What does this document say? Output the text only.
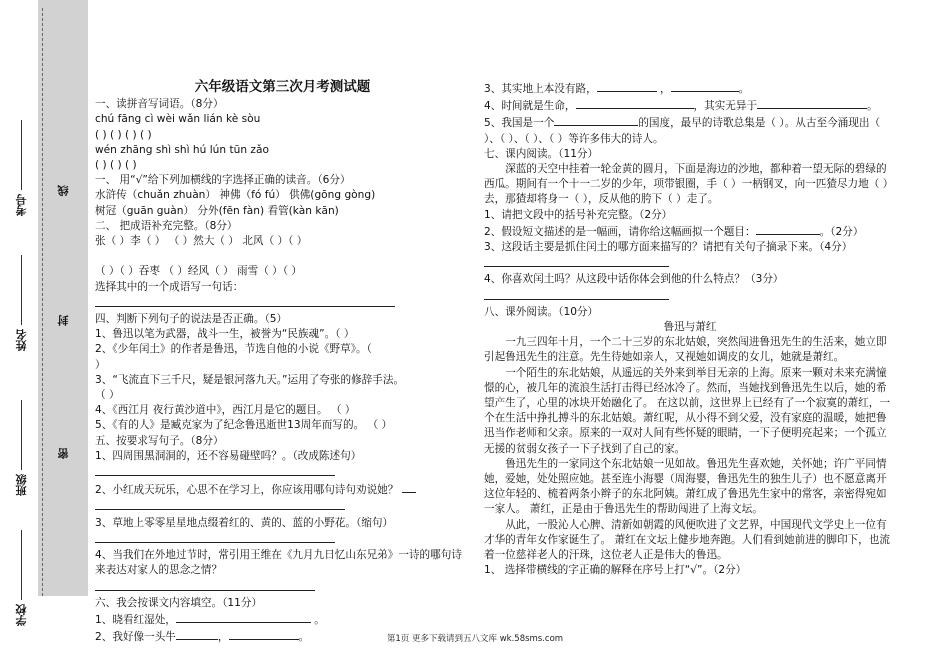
考号
姓名
班级
学校
线
封
密

六年级语文第三次月考测试题

一、读拼音写词语。（8分）

chú fāng cì wèi wǎn lián kè sòu

( ) ( ) ( ) ( )

wén zhāng shì shì hú lún tūn zǎo

( ) ( ) ( )

一、 用“√”给下列加横线的字选择正确的读音。（6分）

水浒传（chuǎn zhuàn） 神佛（fó fú） 供佛(gōng gòng)

树冠（guān guàn） 分外(fēn fàn) 看管(kàn kān)

二、 把成语补充完整。（8分）

张（ ）李（ ） （ ）然大（ ） 北风（ ）（ ）

（ ）（ ）吞枣 （ ）经风（ ） 雨雪（ ）（ ）

选择其中的一个成语写一句话：

四、判断下列句子的说法是否正确。（5）

1、鲁迅以笔为武器，战斗一生，被誉为“民族魂”。（ ）

2、《少年闰土》的作者是鲁迅，节选自他的小说《野草》。（

）

3、“飞流直下三千尺，疑是银河落九天。”运用了夸张的修辞手法。

（ ）

4、《西江月 夜行黄沙道中》，西江月是它的题目。 （ ）

5、《有的人》是臧克家为了纪念鲁迅逝世13周年而写的。 （ ）

五、按要求写句子。（8分）

1、四周围黑洞洞的，还不容易碰壁吗？。（改成陈述句）

2、小红成天玩乐，心思不在学习上，你应该用哪句诗句劝说她？

3、草地上零零星星地点缀着红的、黄的、蓝的小野花。（缩句）

4、当我们在外地过节时，常引用王维在《九月九日忆山东兄弟》一诗的哪句诗来表达对家人的思念之情？

六、我会按课文内容填空。（11分）

1、晓看红湿处，	。

2、我好像一头牛	，	。

3、其实地上本没有路，	，	。

4、时间就是生命，	，其实无异于	。

5、我国是一个	的国度，最早的诗歌总集是（ ）。从古至今涌现出（ ）、（ ）、（ ）、（ ）等许多伟大的诗人。

七、课内阅读。（11分）

深蓝的天空中挂着一轮金黄的圆月，下面是海边的沙地，都种着一望无际的碧绿的西瓜。期间有一个十一二岁的少年，项带银圈，手（ ）一柄钢叉，向一匹猹尽力地（ ）去，那猹却将身一（ ），反从他的胯下（ ）走了。

1、请把文段中的括号补充完整。（2分）

2、假设短文描述的是一幅画，请你给这幅画拟一个题目：	。（2分）

3、这段话主要是抓住闰土的哪方面来描写的？请把有关句子摘录下来。（4分）

4、你喜欢闰土吗？从这段中话你体会到他的什么特点？（3分）

八、课外阅读。（10分）

鲁迅与萧红

一九三四年十月，一个二十三岁的东北姑娘，突然闯进鲁迅先生的生活来，她立即引起鲁迅先生的注意。先生待她如亲人，又视她如调皮的女儿，她就是萧红。

一个陌生的东北姑娘，从遥远的关外来到举目无亲的上海。原来一颗对未来充满憧憬的心，被几年的流浪生活打击得已经冰冷了。然而，当她找到鲁迅先生以后，她的希望产生了，心里的冰块开始融化了。 在这以前，这世界上已经有了一个寂寞的萧红，一个在生活中挣扎搏斗的东北姑娘。萧红呢，从小得不到父爱，没有家庭的温暖，她把鲁迅当作老师和父亲。原来的一双对人间有些怀疑的眼睛，一下子便明亮起来；一个孤立无援的贫弱女孩子一下子找到了自己的家。

鲁迅先生的一家同这个东北姑娘一见如故。鲁迅先生喜欢她，关怀她；许广平同情她，爱她，处处照应她。甚至连小海婴（周海婴，鲁迅先生的独生儿子）也不愿意离开这位年轻的、梳着两条小辫子的东北阿姨。萧红成了鲁迅先生家中的常客，亲密得宛如一家人。 萧红，正是由于鲁迅先生的帮助闯进了上海文坛。

从此，一股沁人心脾、清新如朝霞的风便吹进了文艺界，中国现代文学史上一位有才华的青年女作家诞生了。 萧红在文坛上健步地奔跑。人们看到她前进的脚印下，也流着一位慈祥老人的汗珠，这位老人正是伟大的鲁迅。

1、 选择带横线的字正确的解释在序号上打“√”。（2分）

第1页 更多下载请到五八文库 wk.58sms.com
